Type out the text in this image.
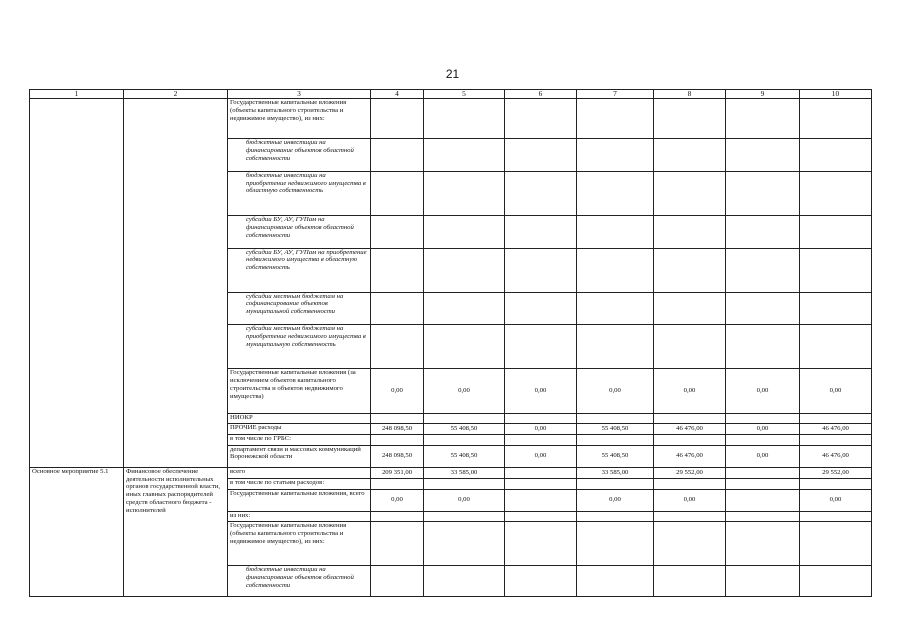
21
1	2	3	4	5	6	7	8	9	10
		Государственные капитальные вложения (объекты капитального строительства и недвижимое имущество), из них:							
		бюджетные инвестиции на финансирование объектов областной собственности							
		бюджетные инвестиции на приобретение недвижимого имущества в областную собственность							
		субсидии БУ, АУ, ГУПам на финансирование объектов областной собственности							
		субсидии БУ, АУ, ГУПам на приобретение недвижимого имущества в областную собственность							
		субсидии местным бюджетам на софинансирование объектов муниципальной собственности							
		субсидии местным бюджетам на приобретение недвижимого имущества в муниципальную собственность							
		Государственные капитальные вложения (за исключением объектов капитального строительства и объектов недвижимого имущества)	0,00	0,00	0,00	0,00	0,00	0,00	0,00
		НИОКР							
		ПРОЧИЕ расходы	248 098,50	55 408,50	0,00	55 408,50	46 476,00	0,00	46 476,00
		в том числе по ГРБС:							
		департамент связи и массовых коммуникаций Воронежской области	248 098,50	55 408,50	0,00	55 408,50	46 476,00	0,00	46 476,00
Основное мероприятие 5.1	Финансовое обеспечение деятельности исполнительных органов государственной власти, иных главных распорядителей средств областного бюджета - исполнителей	всего	209 351,00	33 585,00		33 585,00	29 552,00		29 552,00
		в том числе по статьям расходов:							
		Государственные капитальные вложения, всего	0,00	0,00		0,00	0,00		0,00
		из них:							
		Государственные капитальные вложения (объекты капитального строительства и недвижимое имущество), из них:							
		бюджетные инвестиции на финансирование объектов областной собственности							
